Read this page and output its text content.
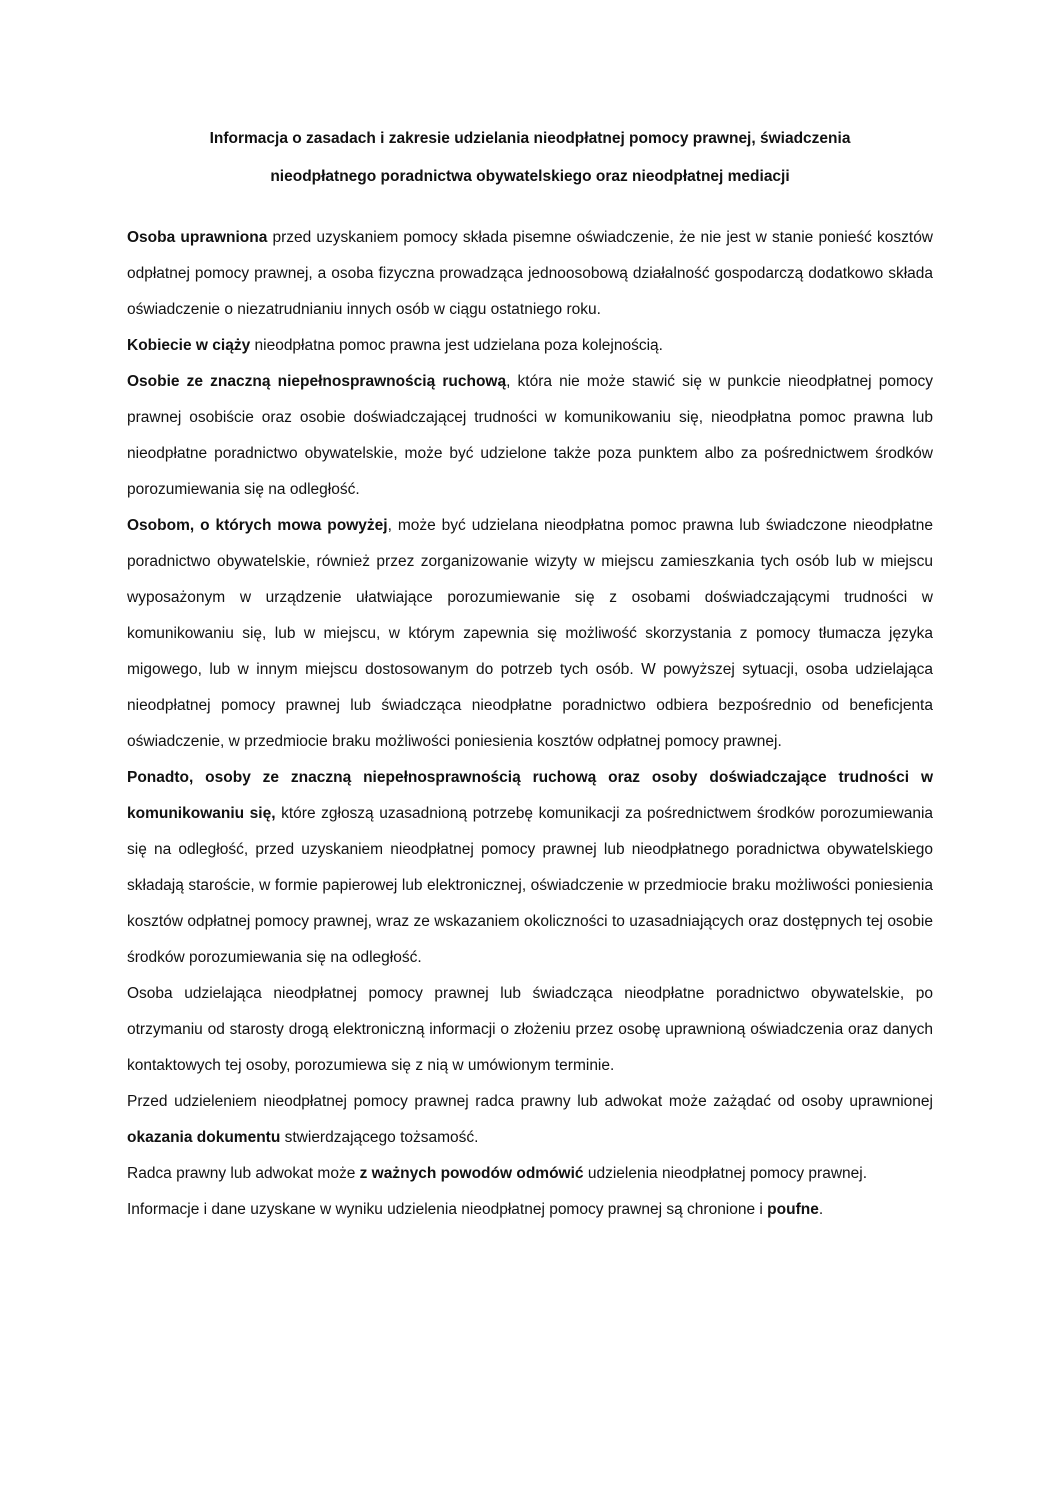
Informacja o zasadach i zakresie udzielania nieodpłatnej pomocy prawnej, świadczenia
nieodpłatnego poradnictwa obywatelskiego oraz nieodpłatnej mediacji

Osoba uprawniona przed uzyskaniem pomocy składa pisemne oświadczenie, że nie jest w stanie ponieść kosztów odpłatnej pomocy prawnej, a osoba fizyczna prowadząca jednoosobową działalność gospodarczą dodatkowo składa oświadczenie o niezatrudnianiu innych osób w ciągu ostatniego roku.

Kobiecie w ciąży nieodpłatna pomoc prawna jest udzielana poza kolejnością.

Osobie ze znaczną niepełnosprawnością ruchową, która nie może stawić się w punkcie nieodpłatnej pomocy prawnej osobiście oraz osobie doświadczającej trudności w komunikowaniu się, nieodpłatna pomoc prawna lub nieodpłatne poradnictwo obywatelskie, może być udzielone także poza punktem albo za pośrednictwem środków porozumiewania się na odległość.

Osobom, o których mowa powyżej, może być udzielana nieodpłatna pomoc prawna lub świadczone nieodpłatne poradnictwo obywatelskie, również przez zorganizowanie wizyty w miejscu zamieszkania tych osób lub w miejscu wyposażonym w urządzenie ułatwiające porozumiewanie się z osobami doświadczającymi trudności w komunikowaniu się, lub w miejscu, w którym zapewnia się możliwość skorzystania z pomocy tłumacza języka migowego, lub w innym miejscu dostosowanym do potrzeb tych osób. W powyższej sytuacji, osoba udzielająca nieodpłatnej pomocy prawnej lub świadcząca nieodpłatne poradnictwo odbiera bezpośrednio od beneficjenta oświadczenie, w przedmiocie braku możliwości poniesienia kosztów odpłatnej pomocy prawnej.

Ponadto, osoby ze znaczną niepełnosprawnością ruchową oraz osoby doświadczające trudności w komunikowaniu się, które zgłoszą uzasadnioną potrzebę komunikacji za pośrednictwem środków porozumiewania się na odległość, przed uzyskaniem nieodpłatnej pomocy prawnej lub nieodpłatnego poradnictwa obywatelskiego składają staroście, w formie papierowej lub elektronicznej, oświadczenie w przedmiocie braku możliwości poniesienia kosztów odpłatnej pomocy prawnej, wraz ze wskazaniem okoliczności to uzasadniających oraz dostępnych tej osobie środków porozumiewania się na odległość.

Osoba udzielająca nieodpłatnej pomocy prawnej lub świadcząca nieodpłatne poradnictwo obywatelskie, po otrzymaniu od starosty drogą elektroniczną informacji o złożeniu przez osobę uprawnioną oświadczenia oraz danych kontaktowych tej osoby, porozumiewa się z nią w umówionym terminie.

Przed udzieleniem nieodpłatnej pomocy prawnej radca prawny lub adwokat może zażądać od osoby uprawnionej okazania dokumentu stwierdzającego tożsamość.

Radca prawny lub adwokat może z ważnych powodów odmówić udzielenia nieodpłatnej pomocy prawnej.

Informacje i dane uzyskane w wyniku udzielenia nieodpłatnej pomocy prawnej są chronione i poufne.
